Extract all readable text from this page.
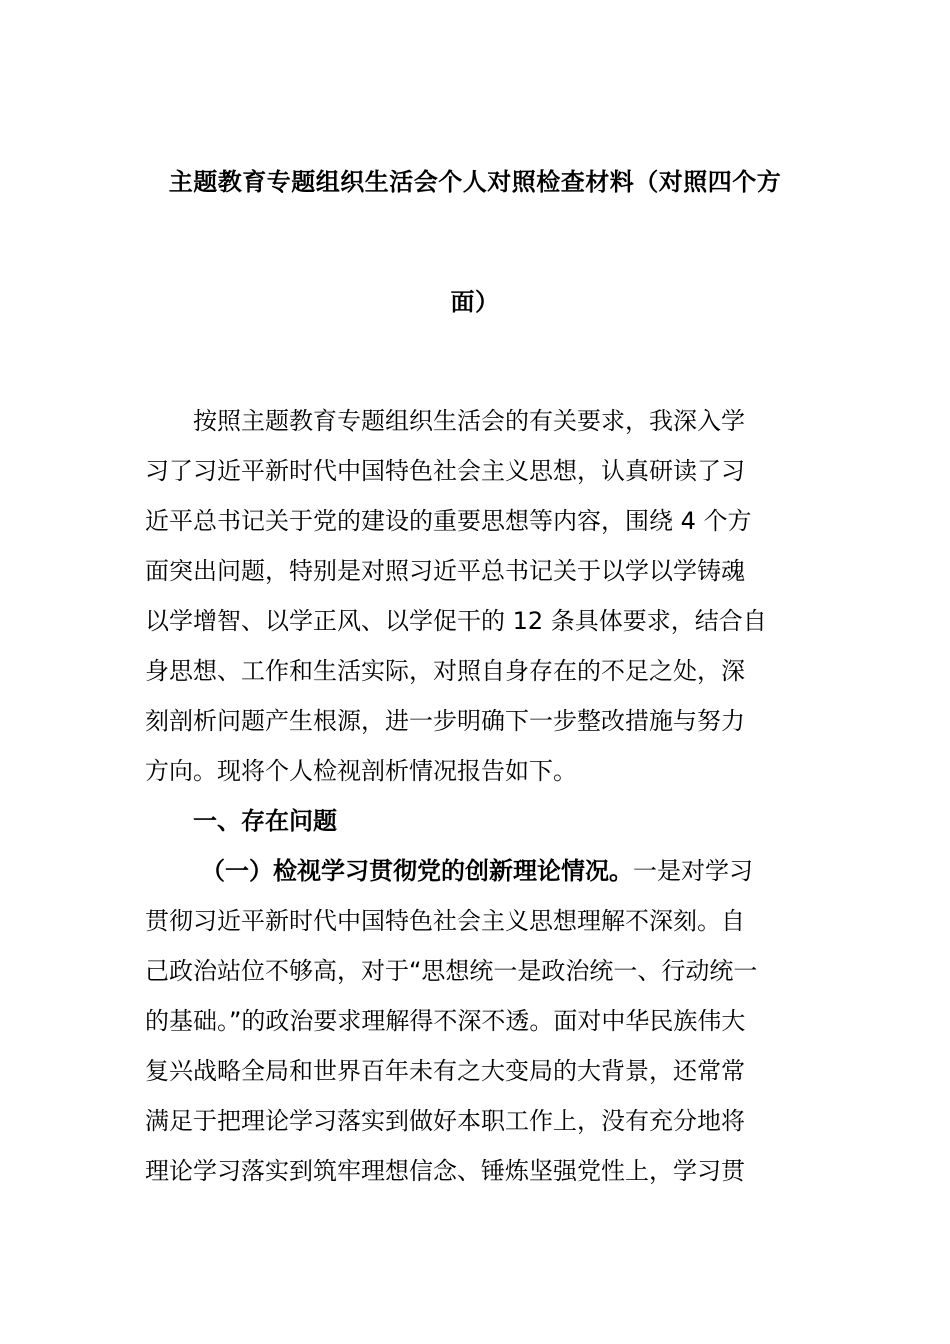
主题教育专题组织生活会个人对照检查材料（对照四个方
面）
按照主题教育专题组织生活会的有关要求，我深入学
习了习近平新时代中国特色社会主义思想，认真研读了习
近平总书记关于党的建设的重要思想等内容，围绕 4 个方
面突出问题，特别是对照习近平总书记关于以学以学铸魂
以学增智、以学正风、以学促干的 12 条具体要求，结合自
身思想、工作和生活实际，对照自身存在的不足之处，深
刻剖析问题产生根源，进一步明确下一步整改措施与努力
方向。现将个人检视剖析情况报告如下。
一、存在问题
（一）检视学习贯彻党的创新理论情况。一是对学习
贯彻习近平新时代中国特色社会主义思想理解不深刻。自
己政治站位不够高，对于“思想统一是政治统一、行动统一
的基础。”的政治要求理解得不深不透。面对中华民族伟大
复兴战略全局和世界百年未有之大变局的大背景，还常常
满足于把理论学习落实到做好本职工作上，没有充分地将
理论学习落实到筑牢理想信念、锤炼坚强党性上，学习贯
